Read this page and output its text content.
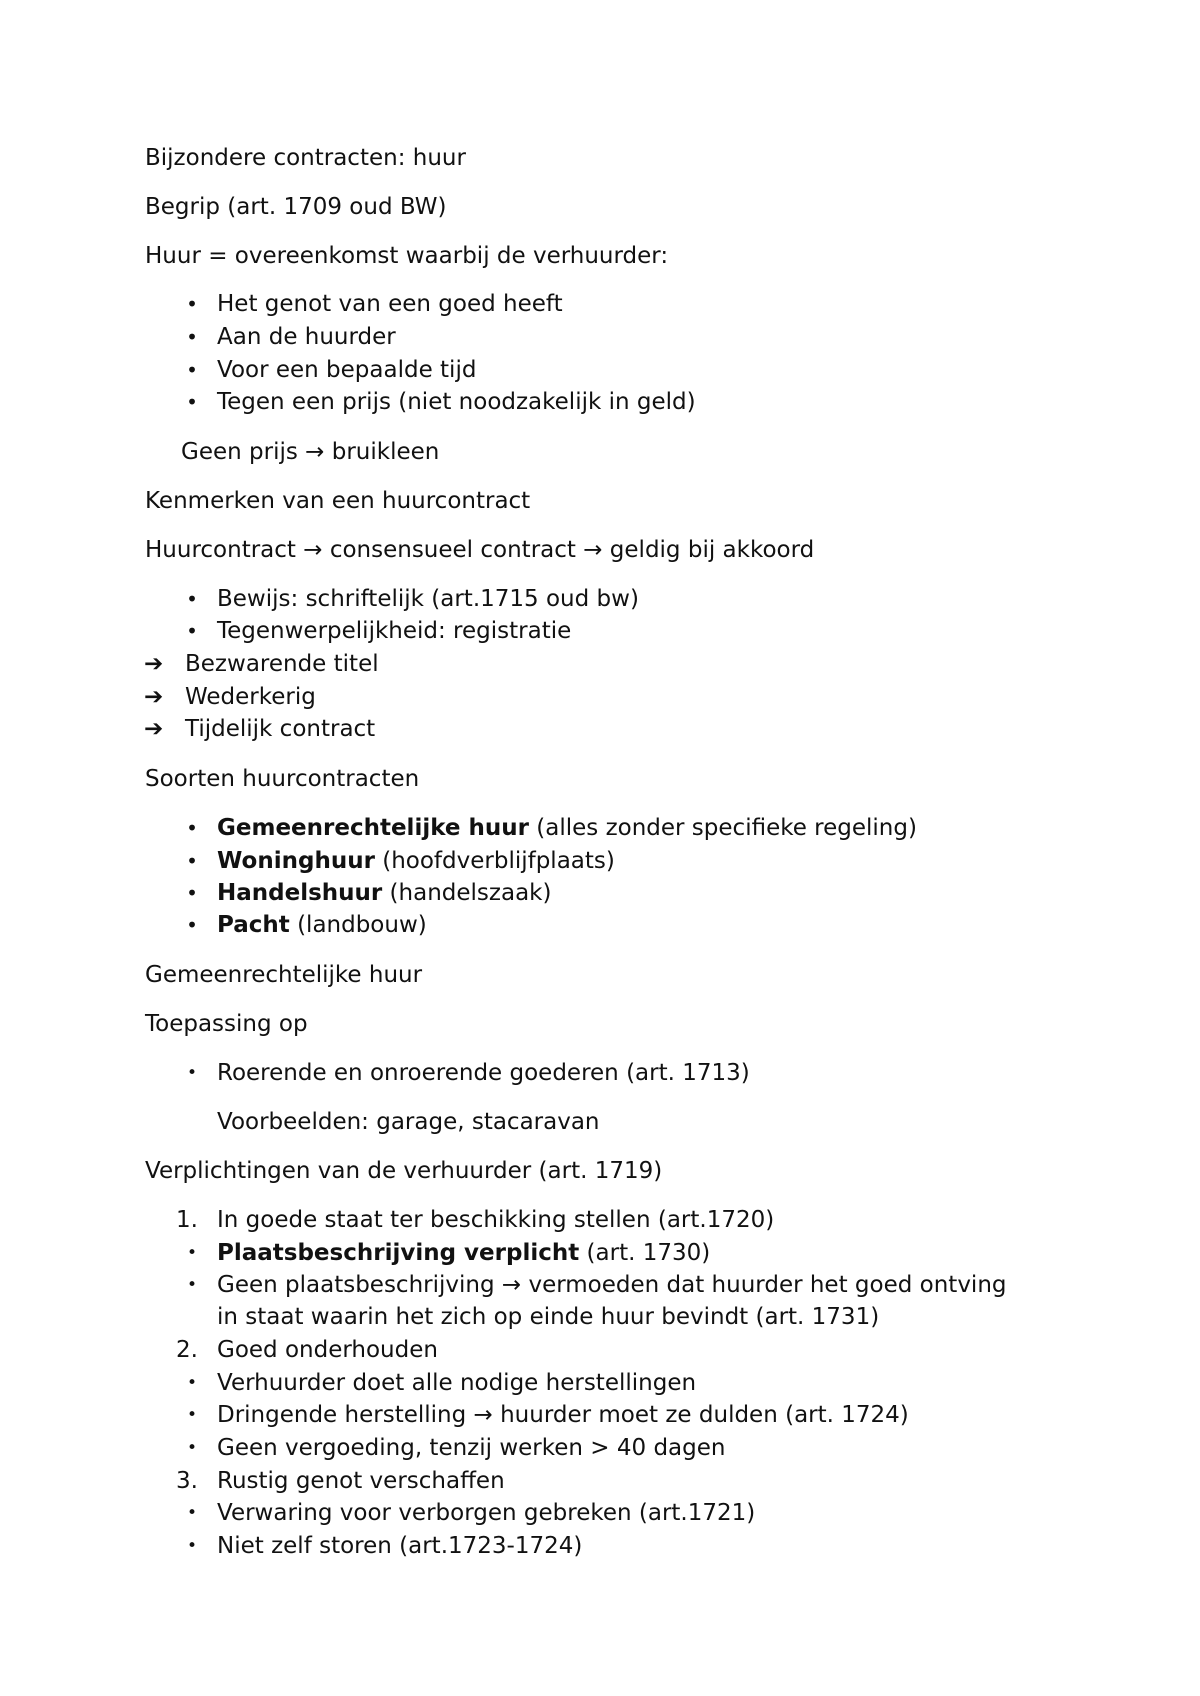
Bijzondere contracten: huur
Begrip (art. 1709 oud BW)
Huur = overeenkomst waarbij de verhuurder:
• Het genot van een goed heeft
• Aan de huurder
• Voor een bepaalde tijd
• Tegen een prijs (niet noodzakelijk in geld)
Geen prijs → bruikleen
Kenmerken van een huurcontract
Huurcontract → consensueel contract → geldig bij akkoord
• Bewijs: schriftelijk (art.1715 oud bw)
• Tegenwerpelijkheid: registratie
➔ Bezwarende titel
➔ Wederkerig
➔ Tijdelijk contract
Soorten huurcontracten
• Gemeenrechtelijke huur (alles zonder specifieke regeling)
• Woninghuur (hoofdverblijfplaats)
• Handelshuur (handelszaak)
• Pacht (landbouw)
Gemeenrechtelijke huur
Toepassing op
• Roerende en onroerende goederen (art. 1713)
Voorbeelden: garage, stacaravan
Verplichtingen van de verhuurder (art. 1719)
1. In goede staat ter beschikking stellen (art.1720)
• Plaatsbeschrijving verplicht (art. 1730)
• Geen plaatsbeschrijving → vermoeden dat huurder het goed ontving
in staat waarin het zich op einde huur bevindt (art. 1731)
2. Goed onderhouden
• Verhuurder doet alle nodige herstellingen
• Dringende herstelling → huurder moet ze dulden (art. 1724)
• Geen vergoeding, tenzij werken > 40 dagen
3. Rustig genot verschaffen
• Verwaring voor verborgen gebreken (art.1721)
• Niet zelf storen (art.1723-1724)
